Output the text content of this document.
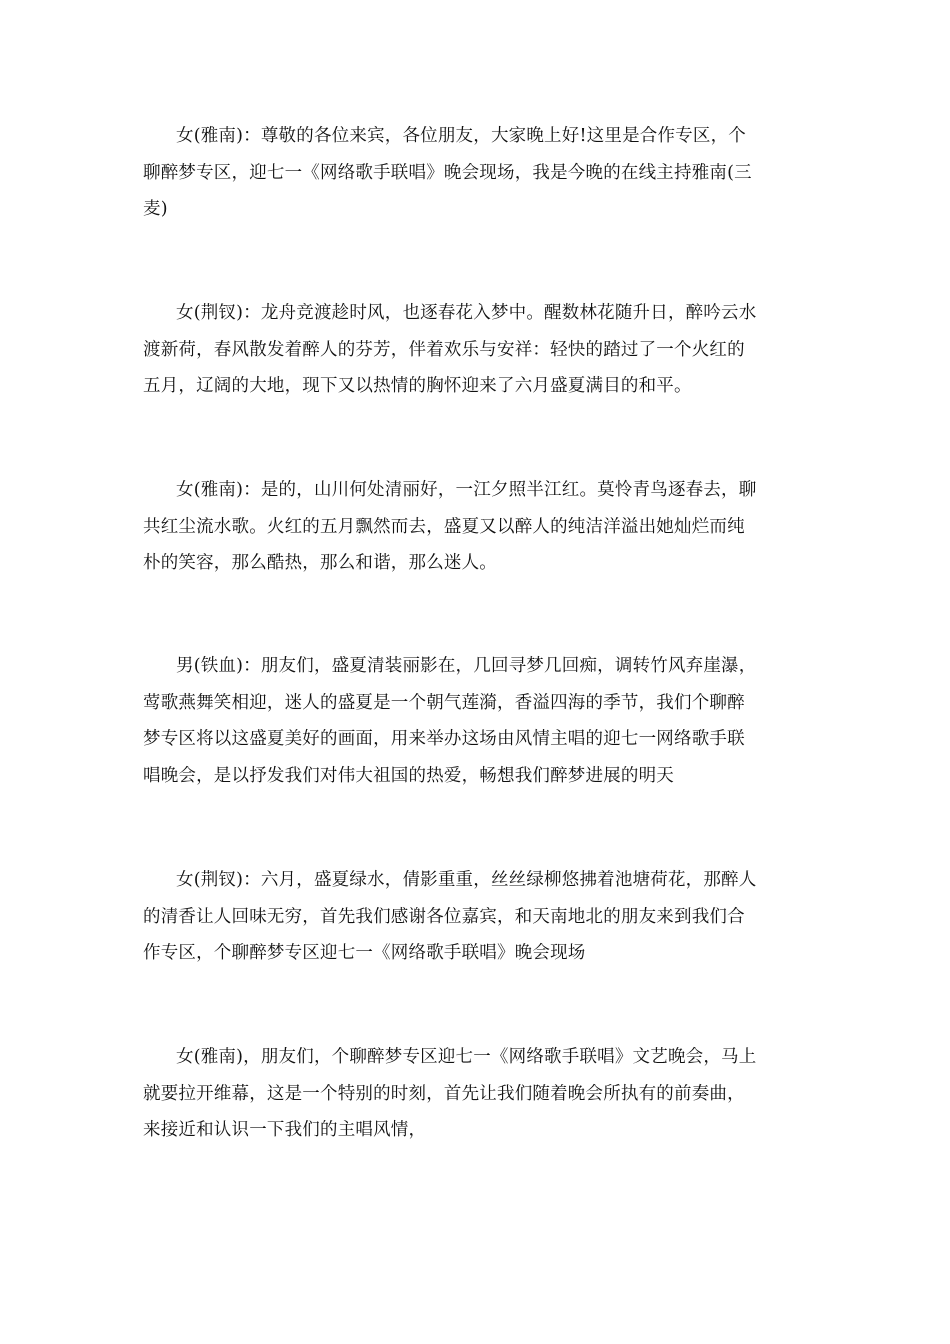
女(雅南)：尊敬的各位来宾，各位朋友，大家晚上好!这里是合作专区，个
聊醉梦专区，迎七一《网络歌手联唱》晚会现场，我是今晚的在线主持雅南(三
麦)
女(荆钗)：龙舟竞渡趁时风，也逐春花入梦中。醒数林花随升日，醉吟云水
渡新荷，春风散发着醉人的芬芳，伴着欢乐与安祥：轻快的踏过了一个火红的
五月，辽阔的大地，现下又以热情的胸怀迎来了六月盛夏满目的和平。
女(雅南)：是的，山川何处清丽好，一江夕照半江红。莫怜青鸟逐春去，聊
共红尘流水歌。火红的五月飘然而去，盛夏又以醉人的纯洁洋溢出她灿烂而纯
朴的笑容，那么酷热，那么和谐，那么迷人。
男(铁血)：朋友们，盛夏清装丽影在，几回寻梦几回痴，调转竹风弃崖瀑，
莺歌燕舞笑相迎，迷人的盛夏是一个朝气莲漪，香溢四海的季节，我们个聊醉
梦专区将以这盛夏美好的画面，用来举办这场由风情主唱的迎七一网络歌手联
唱晚会，是以抒发我们对伟大祖国的热爱，畅想我们醉梦进展的明天
女(荆钗)：六月，盛夏绿水，倩影重重，丝丝绿柳悠拂着池塘荷花，那醉人
的清香让人回味无穷，首先我们感谢各位嘉宾，和天南地北的朋友来到我们合
作专区，个聊醉梦专区迎七一《网络歌手联唱》晚会现场
女(雅南)，朋友们，个聊醉梦专区迎七一《网络歌手联唱》文艺晚会，马上
就要拉开维幕，这是一个特别的时刻，首先让我们随着晚会所执有的前奏曲，
来接近和认识一下我们的主唱风情，
